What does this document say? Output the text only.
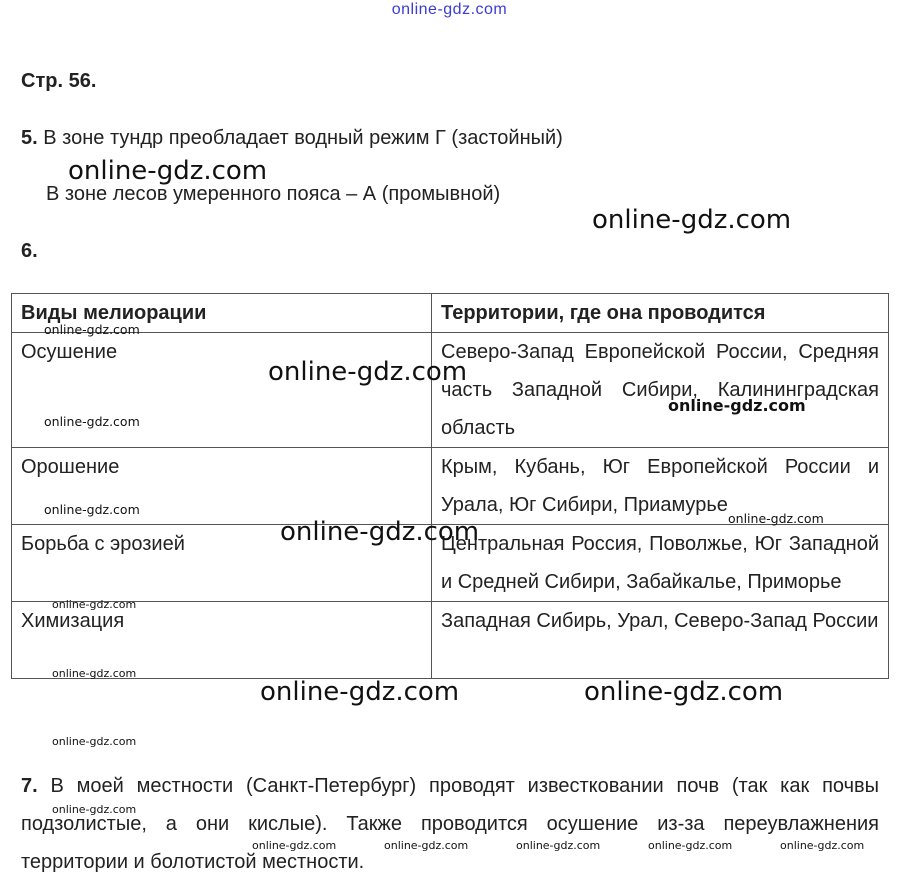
online-gdz.com
Стр. 56.
5. В зоне тундр преобладает водный режим Г (застойный)
В зоне лесов умеренного пояса – А (промывной)
6.
Виды мелиорации	Территории, где она проводится
Осушение	Северо-Запад Европейской России, Средняя часть Западной Сибири, Калининградская область
Орошение	Крым, Кубань, Юг Европейской России и Урала, Юг Сибири, Приамурье
Борьба с эрозией	Центральная Россия, Поволжье, Юг Западной и Средней Сибири, Забайкалье, Приморье
Химизация	Западная Сибирь, Урал, Северо-Запад России
7. В моей местности (Санкт-Петербург) проводят известковании почв (так как почвы подзолистые, а они кислые). Также проводится осушение из-за переувлажнения территории и болотистой местности.
online-gdz.com
online-gdz.com
online-gdz.com
online-gdz.com
online-gdz.com	online-gdz.com
online-gdz.com
online-gdz.com
online-gdz.com
online-gdz.com
online-gdz.com
online-gdz.com
online-gdz.com
online-gdz.com
online-gdz.com
online-gdz.com	online-gdz.com	online-gdz.com	online-gdz.com	online-gdz.com
